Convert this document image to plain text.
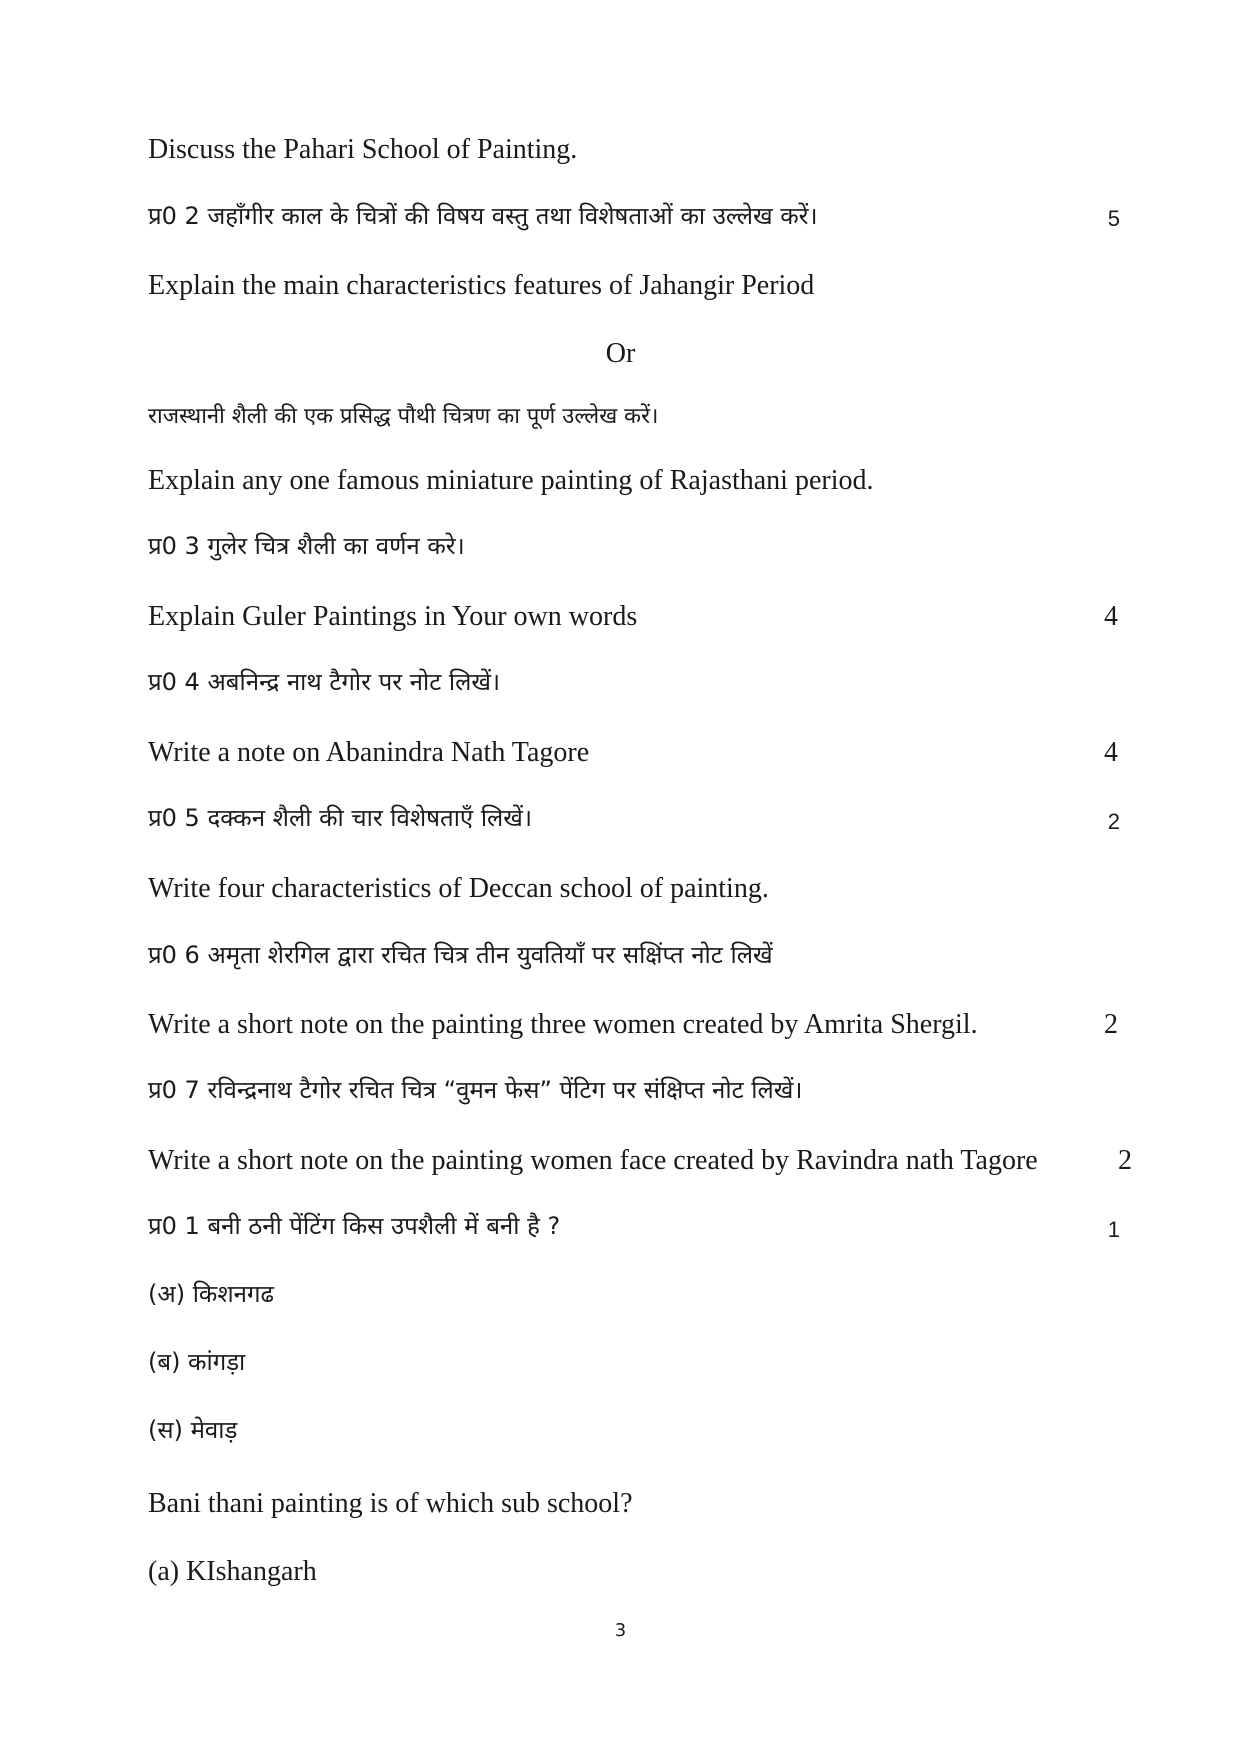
Discuss the Pahari School of Painting.
प्र0 2 जहाँगीर काल के चित्रों की विषय वस्तु तथा विशेषताओं का उल्लेख करें।	5
Explain the main characteristics features of Jahangir Period
Or
राजस्थानी शैली की एक प्रसिद्ध पौथी चित्रण का पूर्ण उल्लेख करें।
Explain any one famous miniature painting of Rajasthani period.
प्र0 3 गुलेर चित्र शैली का वर्णन करे।
Explain Guler Paintings in Your own words	4
प्र0 4 अबनिन्द्र नाथ टैगोर पर नोट लिखें।
Write a note on Abanindra Nath Tagore	4
प्र0 5 दक्कन शैली की चार विशेषताएँ लिखें।	2
Write four characteristics of Deccan school of painting.
प्र0 6 अमृता शेरगिल द्वारा रचित चित्र तीन युवतियाँ पर सक्षिंप्त नोट लिखें
Write a short note on the painting three women created by Amrita Shergil.	2
प्र0 7 रविन्द्रनाथ टैगोर रचित चित्र “वुमन फेस” पेंटिग पर संक्षिप्त नोट लिखें।
Write a short note on the painting women face created by Ravindra nath Tagore	2
प्र0 1 बनी ठनी पेंटिंग किस उपशैली में बनी है ?	1
(अ) किशनगढ
(ब) कांगड़ा
(स) मेवाड़
Bani thani painting is of which sub school?
(a) KIshangarh
3
